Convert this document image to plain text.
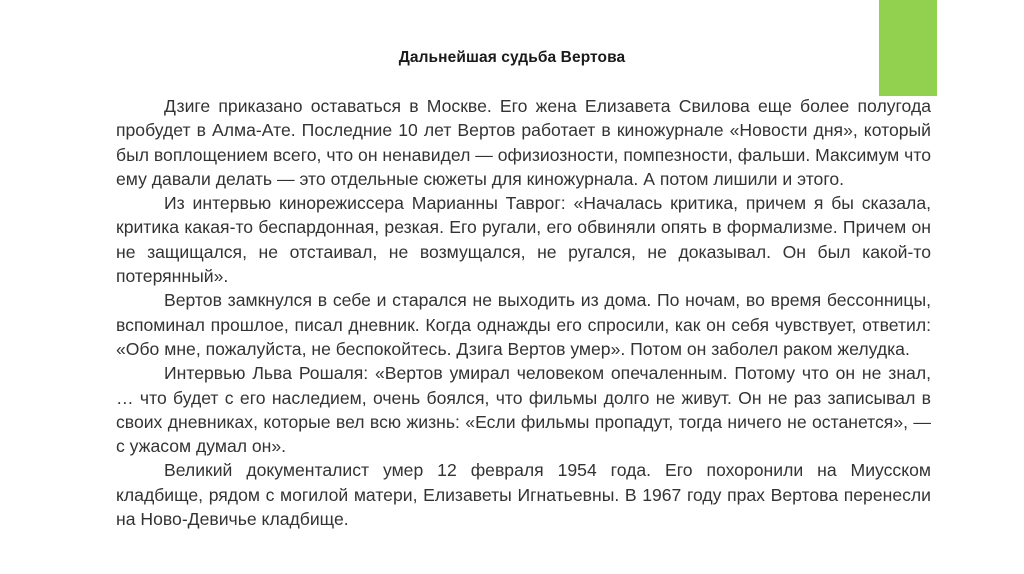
Дальнейшая судьба Вертова

Дзиге приказано оставаться в Москве. Его жена Елизавета Свилова еще более полугода пробудет в Алма-Ате. Последние 10 лет Вертов работает в киножурнале «Новости дня», который был воплощением всего, что он ненавидел — офизиозности, помпезности, фальши. Максимум что ему давали делать — это отдельные сюжеты для киножурнала. А потом лишили и этого.

Из интервью кинорежиссера Марианны Таврог: «Началась критика, причем я бы сказала, критика какая-то беспардонная, резкая. Его ругали, его обвиняли опять в формализме. Причем он не защищался, не отстаивал, не возмущался, не ругался, не доказывал. Он был какой-то потерянный».

Вертов замкнулся в себе и старался не выходить из дома. По ночам, во время бессонницы, вспоминал прошлое, писал дневник. Когда однажды его спросили, как он себя чувствует, ответил: «Обо мне, пожалуйста, не беспокойтесь. Дзига Вертов умер». Потом он заболел раком желудка.

Интервью Льва Рошаля: «Вертов умирал человеком опечаленным. Потому что он не знал, … что будет с его наследием, очень боялся, что фильмы долго не живут. Он не раз записывал в своих дневниках, которые вел всю жизнь: «Если фильмы пропадут, тогда ничего не останется», — с ужасом думал он».

Великий документалист умер 12 февраля 1954 года. Его похоронили на Миусском кладбище, рядом с могилой матери, Елизаветы Игнатьевны. В 1967 году прах Вертова перенесли на Ново-Девичье кладбище.
